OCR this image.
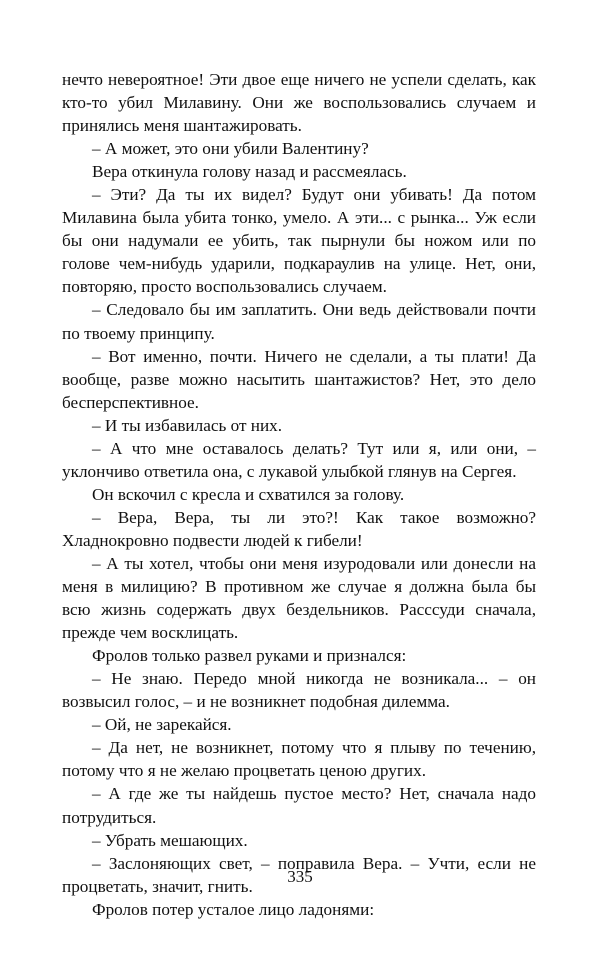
нечто невероятное! Эти двое еще ничего не успели сделать, как кто-то убил Милавину. Они же воспользовались случаем и принялись меня шантажировать.

– А может, это они убили Валентину?

Вера откинула голову назад и рассмеялась.

– Эти? Да ты их видел? Будут они убивать! Да потом Милавина была убита тонко, умело. А эти... с рынка... Уж если бы они надумали ее убить, так пырнули бы ножом или по голове чем-нибудь ударили, подкараулив на улице. Нет, они, повторяю, просто воспользовались случаем.

– Следовало бы им заплатить. Они ведь действовали почти по твоему принципу.

– Вот именно, почти. Ничего не сделали, а ты плати! Да вообще, разве можно насытить шантажистов? Нет, это дело бесперспективное.

– И ты избавилась от них.

– А что мне оставалось делать? Тут или я, или они, – уклончиво ответила она, с лукавой улыбкой глянув на Сергея.

Он вскочил с кресла и схватился за голову.

– Вера, Вера, ты ли это?! Как такое возможно? Хладнокровно подвести людей к гибели!

– А ты хотел, чтобы они меня изуродовали или донесли на меня в милицию? В противном же случае я должна была бы всю жизнь содержать двух бездельников. Расссуди сначала, прежде чем восклицать.

Фролов только развел руками и признался:

– Не знаю. Передо мной никогда не возникала... – он возвысил голос, – и не возникнет подобная дилемма.

– Ой, не зарекайся.

– Да нет, не возникнет, потому что я плыву по течению, потому что я не желаю процветать ценою других.

– А где же ты найдешь пустое место? Нет, сначала надо потрудиться.

– Убрать мешающих.

– Заслоняющих свет, – поправила Вера. – Учти, если не процветать, значит, гнить.

Фролов потер усталое лицо ладонями:

335
